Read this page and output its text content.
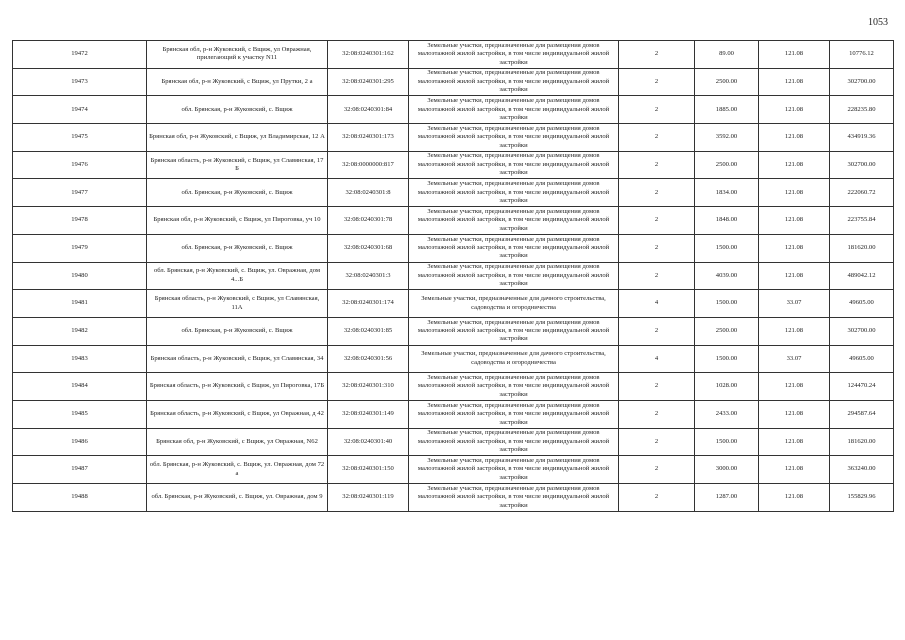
1053
19472	Брянская обл, р-н Жуковский, с Вщиж, ул Овражная, прилегающий к участку N11	32:08:0240301:162	Земельные участки, предназначенные для размещения домов малоэтажной жилой застройки, в том числе индивидуальной жилой застройки	2	89.00	121.08	10776.12
19473	Брянская обл, р-н Жуковский, с Вщиж, ул Прутки, 2 а	32:08:0240301:295	Земельные участки, предназначенные для размещения домов малоэтажной жилой застройки, в том числе индивидуальной жилой застройки	2	2500.00	121.08	302700.00
19474	обл. Брянская, р-н Жуковский, с. Вщиж	32:08:0240301:84	Земельные участки, предназначенные для размещения домов малоэтажной жилой застройки, в том числе индивидуальной жилой застройки	2	1885.00	121.08	228235.80
19475	Брянская обл, р-н Жуковский, с Вщиж, ул Владимирская, 12 А	32:08:0240301:173	Земельные участки, предназначенные для размещения домов малоэтажной жилой застройки, в том числе индивидуальной жилой застройки	2	3592.00	121.08	434919.36
19476	Брянская область, р-н Жуковский, с Вщиж, ул Славянская, 17 Б	32:08:0000000:817	Земельные участки, предназначенные для размещения домов малоэтажной жилой застройки, в том числе индивидуальной жилой застройки	2	2500.00	121.08	302700.00
19477	обл. Брянская, р-н Жуковский, с. Вщиж	32:08:0240301:8	Земельные участки, предназначенные для размещения домов малоэтажной жилой застройки, в том числе индивидуальной жилой застройки	2	1834.00	121.08	222060.72
19478	Брянская обл, р-н Жуковский, с Вщиж, ул Пироговка, уч 10	32:08:0240301:78	Земельные участки, предназначенные для размещения домов малоэтажной жилой застройки, в том числе индивидуальной жилой застройки	2	1848.00	121.08	223755.84
19479	обл. Брянская, р-н Жуковский, с. Вщиж	32:08:0240301:68	Земельные участки, предназначенные для размещения домов малоэтажной жилой застройки, в том числе индивидуальной жилой застройки	2	1500.00	121.08	181620.00
19480	обл. Брянская, р-н Жуковский, с. Вщиж, ул. Овражная, дом 4...Б	32:08:0240301:3	Земельные участки, предназначенные для размещения домов малоэтажной жилой застройки, в том числе индивидуальной жилой застройки	2	4039.00	121.08	489042.12
19481	Брянская область, р-н Жуковский, с Вщиж, ул Славянская, 11А	32:08:0240301:174	Земельные участки, предназначенные для дачного строительства, садоводства и огородничества	4	1500.00	33.07	49605.00
19482	обл. Брянская, р-н Жуковский, с. Вщиж	32:08:0240301:85	Земельные участки, предназначенные для размещения домов малоэтажной жилой застройки, в том числе индивидуальной жилой застройки	2	2500.00	121.08	302700.00
19483	Брянская область, р-н Жуковский, с Вщиж, ул Славянская, 34	32:08:0240301:56	Земельные участки, предназначенные для дачного строительства, садоводства и огородничества	4	1500.00	33.07	49605.00
19484	Брянская область, р-н Жуковский, с Вщиж, ул Пироговка, 17Б	32:08:0240301:310	Земельные участки, предназначенные для размещения домов малоэтажной жилой застройки, в том числе индивидуальной жилой застройки	2	1028.00	121.08	124470.24
19485	Брянская область, р-н Жуковский, с Вщиж, ул Овражная, д 42	32:08:0240301:149	Земельные участки, предназначенные для размещения домов малоэтажной жилой застройки, в том числе индивидуальной жилой застройки	2	2433.00	121.08	294587.64
19486	Брянская обл, р-н Жуковский, с Вщиж, ул Овражная, N62	32:08:0240301:40	Земельные участки, предназначенные для размещения домов малоэтажной жилой застройки, в том числе индивидуальной жилой застройки	2	1500.00	121.08	181620.00
19487	обл. Брянская, р-н Жуковский, с. Вщиж, ул. Овражная, дом 72 а	32:08:0240301:150	Земельные участки, предназначенные для размещения домов малоэтажной жилой застройки, в том числе индивидуальной жилой застройки	2	3000.00	121.08	363240.00
19488	обл. Брянская, р-н Жуковский, с. Вщиж, ул. Овражная, дом 9	32:08:0240301:119	Земельные участки, предназначенные для размещения домов малоэтажной жилой застройки, в том числе индивидуальной жилой застройки	2	1287.00	121.08	155829.96
